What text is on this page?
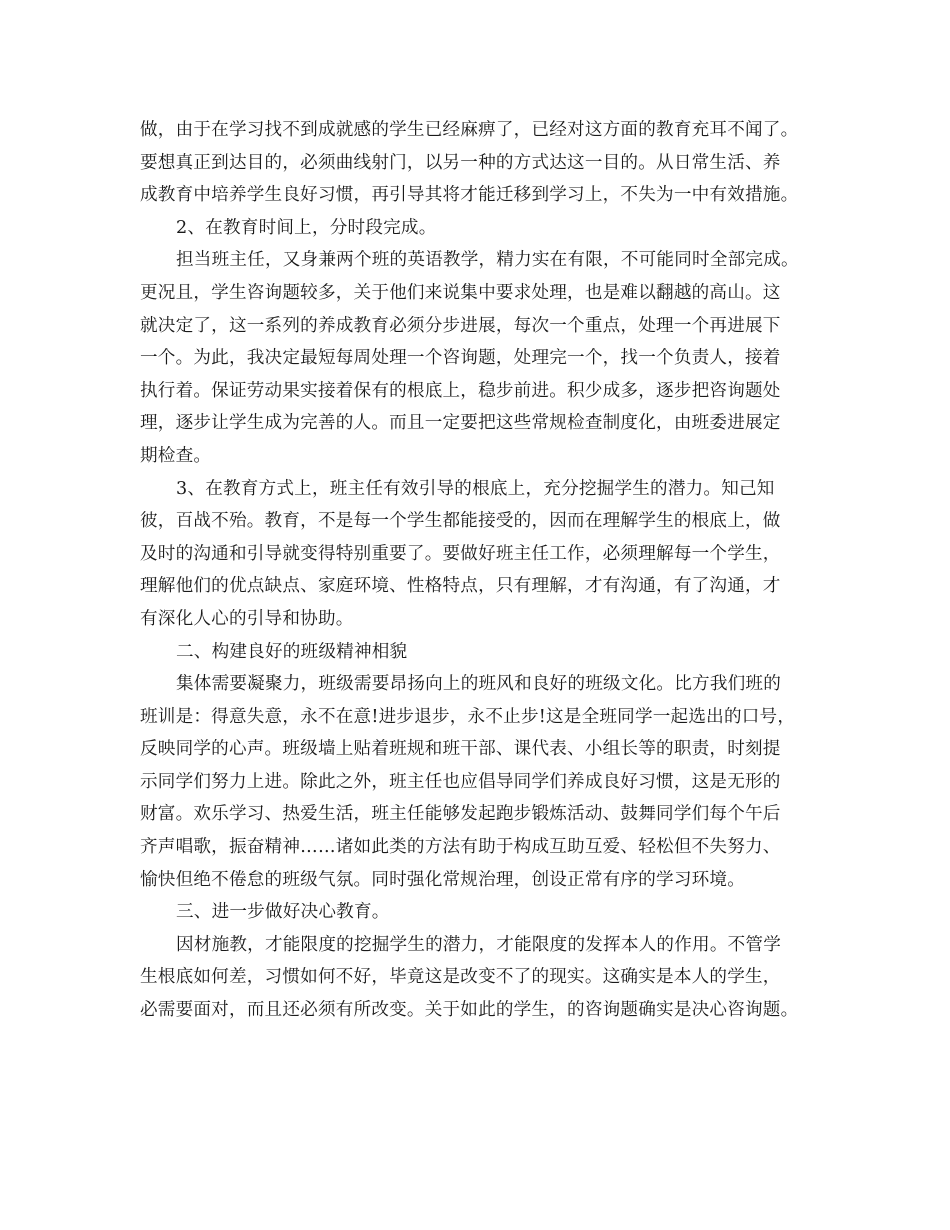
做，由于在学习找不到成就感的学生已经麻痹了，已经对这方面的教育充耳不闻了。
要想真正到达目的，必须曲线射门，以另一种的方式达这一目的。从日常生活、养
成教育中培养学生良好习惯，再引导其将才能迁移到学习上，不失为一中有效措施。
2、在教育时间上，分时段完成。
担当班主任，又身兼两个班的英语教学，精力实在有限，不可能同时全部完成。
更况且，学生咨询题较多，关于他们来说集中要求处理，也是难以翻越的高山。这
就决定了，这一系列的养成教育必须分步进展，每次一个重点，处理一个再进展下
一个。为此，我决定最短每周处理一个咨询题，处理完一个，找一个负责人，接着
执行着。保证劳动果实接着保有的根底上，稳步前进。积少成多，逐步把咨询题处
理，逐步让学生成为完善的人。而且一定要把这些常规检查制度化，由班委进展定
期检查。
3、在教育方式上，班主任有效引导的根底上，充分挖掘学生的潜力。知己知
彼，百战不殆。教育，不是每一个学生都能接受的，因而在理解学生的根底上，做
及时的沟通和引导就变得特别重要了。要做好班主任工作，必须理解每一个学生，
理解他们的优点缺点、家庭环境、性格特点，只有理解，才有沟通，有了沟通，才
有深化人心的引导和协助。
二、构建良好的班级精神相貌
集体需要凝聚力，班级需要昂扬向上的班风和良好的班级文化。比方我们班的
班训是：得意失意，永不在意!进步退步，永不止步!这是全班同学一起选出的口号，
反映同学的心声。班级墙上贴着班规和班干部、课代表、小组长等的职责，时刻提
示同学们努力上进。除此之外，班主任也应倡导同学们养成良好习惯，这是无形的
财富。欢乐学习、热爱生活，班主任能够发起跑步锻炼活动、鼓舞同学们每个午后
齐声唱歌，振奋精神……诸如此类的方法有助于构成互助互爱、轻松但不失努力、
愉快但绝不倦怠的班级气氛。同时强化常规治理，创设正常有序的学习环境。
三、进一步做好决心教育。
因材施教，才能限度的挖掘学生的潜力，才能限度的发挥本人的作用。不管学
生根底如何差，习惯如何不好，毕竟这是改变不了的现实。这确实是本人的学生，
必需要面对，而且还必须有所改变。关于如此的学生，的咨询题确实是决心咨询题。
